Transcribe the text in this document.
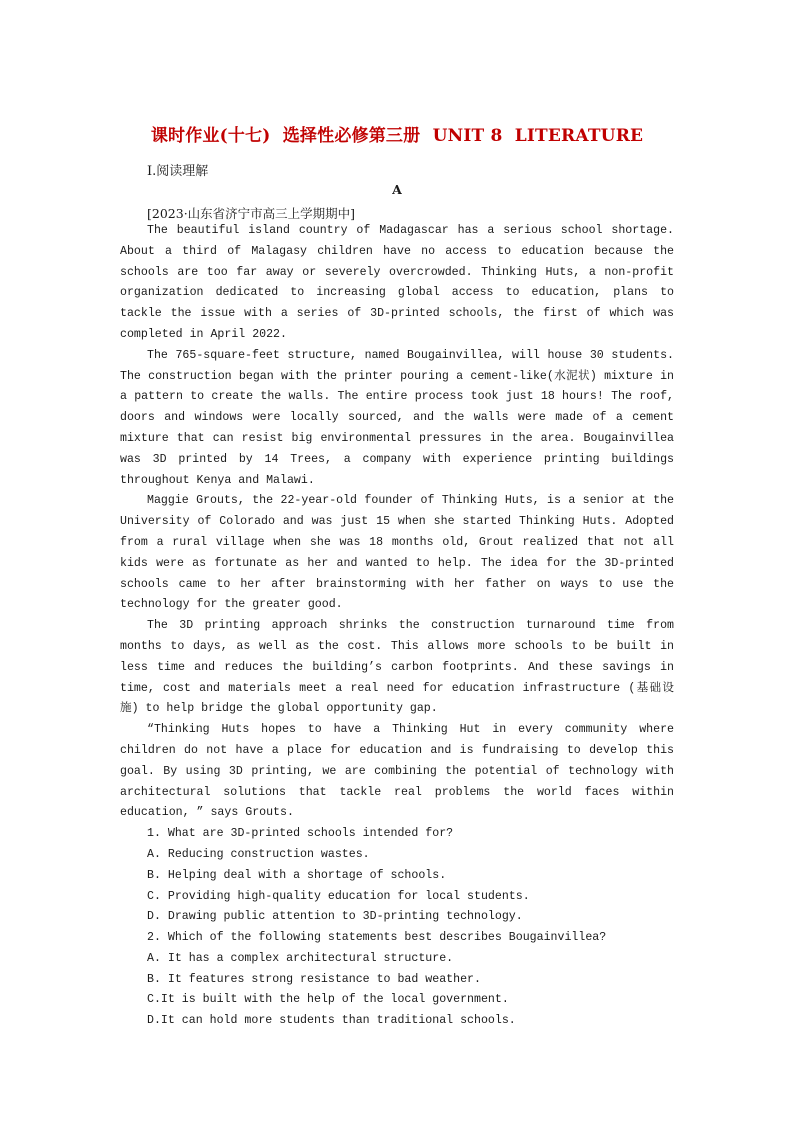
课时作业(十七)  选择性必修第三册  UNIT 8  LITERATURE
Ⅰ.阅读理解
A
[2023·山东省济宁市高三上学期期中]

The beautiful island country of Madagascar has a serious school shortage. About a third of Malagasy children have no access to education because the schools are too far away or severely overcrowded. Thinking Huts, a non-profit organization dedicated to increasing global access to education, plans to tackle the issue with a series of 3D-printed schools, the first of which was completed in April 2022.

The 765-square-feet structure, named Bougainvillea, will house 30 students. The construction began with the printer pouring a cement-like(水泥状) mixture in a pattern to create the walls. The entire process took just 18 hours! The roof, doors and windows were locally sourced, and the walls were made of a cement mixture that can resist big environmental pressures in the area. Bougainvillea was 3D printed by 14 Trees, a company with experience printing buildings throughout Kenya and Malawi.

Maggie Grouts, the 22-year-old founder of Thinking Huts, is a senior at the University of Colorado and was just 15 when she started Thinking Huts. Adopted from a rural village when she was 18 months old, Grout realized that not all kids were as fortunate as her and wanted to help. The idea for the 3D-printed schools came to her after brainstorming with her father on ways to use the technology for the greater good.

The 3D printing approach shrinks the construction turnaround time from months to days, as well as the cost. This allows more schools to be built in less time and reduces the building’s carbon footprints. And these savings in time, cost and materials meet a real need for education infrastructure (基础设施) to help bridge the global opportunity gap.

“Thinking Huts hopes to have a Thinking Hut in every community where children do not have a place for education and is fundraising to develop this goal. By using 3D printing, we are combining the potential of technology with architectural solutions that tackle real problems the world faces within education, ” says Grouts.

1. What are 3D-printed schools intended for?

A. Reducing construction wastes.

B. Helping deal with a shortage of schools.

C. Providing high-quality education for local students.

D. Drawing public attention to 3D-printing technology.

2. Which of the following statements best describes Bougainvillea?

A. It has a complex architectural structure.

B. It features strong resistance to bad weather.

C.It is built with the help of the local government.

D.It can hold more students than traditional schools.
